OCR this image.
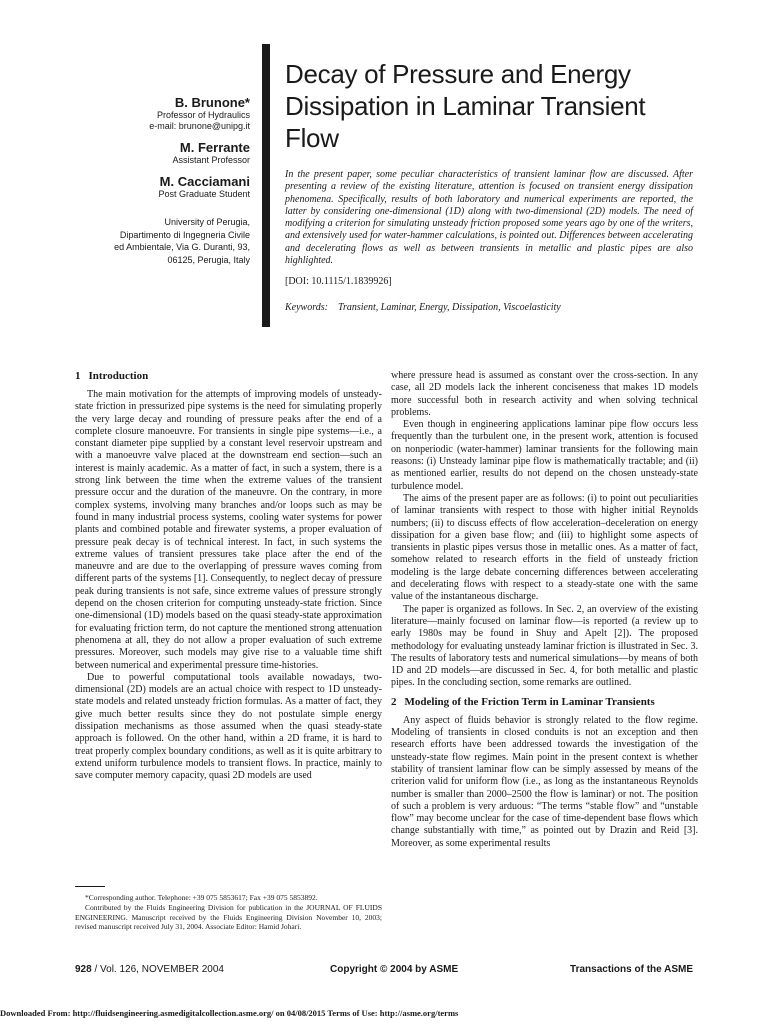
B. Brunone*
Professor of Hydraulics
e-mail: brunone@unipg.it
M. Ferrante
Assistant Professor
M. Cacciamani
Post Graduate Student
University of Perugia,
Dipartimento di Ingegneria Civile
ed Ambientale, Via G. Duranti, 93,
06125, Perugia, Italy
Decay of Pressure and Energy Dissipation in Laminar Transient Flow
In the present paper, some peculiar characteristics of transient laminar flow are discussed. After presenting a review of the existing literature, attention is focused on transient energy dissipation phenomena. Specifically, results of both laboratory and numerical experiments are reported, the latter by considering one-dimensional (1D) along with two-dimensional (2D) models. The need of modifying a criterion for simulating unsteady friction proposed some years ago by one of the writers, and extensively used for water-hammer calculations, is pointed out. Differences between accelerating and decelerating flows as well as between transients in metallic and plastic pipes are also highlighted.
[DOI: 10.1115/1.1839926]
Keywords: Transient, Laminar, Energy, Dissipation, Viscoelasticity
1 Introduction

The main motivation for the attempts of improving models of unsteady-state friction in pressurized pipe systems is the need for simulating properly the very large decay and rounding of pressure peaks after the end of a complete closure manoeuvre. For transients in single pipe systems—i.e., a constant diameter pipe supplied by a constant level reservoir upstream and with a manoeuvre valve placed at the downstream end section—such an interest is mainly academic. As a matter of fact, in such a system, there is a strong link between the time when the extreme values of the transient pressure occur and the duration of the maneuvre. On the contrary, in more complex systems, involving many branches and/or loops such as may be found in many industrial process systems, cooling water systems for power plants and combined potable and firewater systems, a proper evaluation of pressure peak decay is of technical interest. In fact, in such systems the extreme values of transient pressures take place after the end of the maneuvre and are due to the overlapping of pressure waves coming from different parts of the systems [1]. Consequently, to neglect decay of pressure peak during transients is not safe, since extreme values of pressure strongly depend on the chosen criterion for computing unsteady-state friction. Since one-dimensional (1D) models based on the quasi steady-state approximation for evaluating friction term, do not capture the mentioned strong attenuation phenomena at all, they do not allow a proper evaluation of such extreme pressures. Moreover, such models may give rise to a valuable time shift between numerical and experimental pressure time-histories.

Due to powerful computational tools available nowadays, two-dimensional (2D) models are an actual choice with respect to 1D unsteady-state models and related unsteady friction formulas. As a matter of fact, they give much better results since they do not postulate simple energy dissipation mechanisms as those assumed when the quasi steady-state approach is followed. On the other hand, within a 2D frame, it is hard to treat properly complex boundary conditions, as well as it is quite arbitrary to extend uniform turbulence models to transient flows. In practice, mainly to save computer memory capacity, quasi 2D models are used

where pressure head is assumed as constant over the cross-section. In any case, all 2D models lack the inherent conciseness that makes 1D models more successful both in research activity and when solving technical problems.

Even though in engineering applications laminar pipe flow occurs less frequently than the turbulent one, in the present work, attention is focused on nonperiodic (water-hammer) laminar transients for the following main reasons: (i) Unsteady laminar pipe flow is mathematically tractable; and (ii) as mentioned earlier, results do not depend on the chosen unsteady-state turbulence model.

The aims of the present paper are as follows: (i) to point out peculiarities of laminar transients with respect to those with higher initial Reynolds numbers; (ii) to discuss effects of flow acceleration–deceleration on energy dissipation for a given base flow; and (iii) to highlight some aspects of transients in plastic pipes versus those in metallic ones. As a matter of fact, somehow related to research efforts in the field of unsteady friction modeling is the large debate concerning differences between accelerating and decelerating flows with respect to a steady-state one with the same value of the instantaneous discharge.

The paper is organized as follows. In Sec. 2, an overview of the existing literature—mainly focused on laminar flow—is reported (a review up to early 1980s may be found in Shuy and Apelt [2]). The proposed methodology for evaluating unsteady laminar friction is illustrated in Sec. 3. The results of laboratory tests and numerical simulations—by means of both 1D and 2D models—are discussed in Sec. 4, for both metallic and plastic pipes. In the concluding section, some remarks are outlined.

2 Modeling of the Friction Term in Laminar Transients

Any aspect of fluids behavior is strongly related to the flow regime. Modeling of transients in closed conduits is not an exception and then research efforts have been addressed towards the investigation of the unsteady-state flow regimes. Main point in the present context is whether stability of transient laminar flow can be simply assessed by means of the criterion valid for uniform flow (i.e., as long as the instantaneous Reynolds number is smaller than 2000–2500 the flow is laminar) or not. The position of such a problem is very arduous: “The terms “stable flow” and “unstable flow” may become unclear for the case of time-dependent base flows which change substantially with time,” as pointed out by Drazin and Reid [3]. Moreover, as some experimental results

*Corresponding author. Telephone: +39 075 5853617; Fax +39 075 5853892.

Contributed by the Fluids Engineering Division for publication in the JOURNAL OF FLUIDS ENGINEERING. Manuscript received by the Fluids Engineering Division November 10, 2003; revised manuscript received July 31, 2004. Associate Editor: Hamid Johari.

928 / Vol. 126, NOVEMBER 2004	Copyright © 2004 by ASME	Transactions of the ASME
Downloaded From: http://fluidsengineering.asmedigitalcollection.asme.org/ on 04/08/2015 Terms of Use: http://asme.org/terms
